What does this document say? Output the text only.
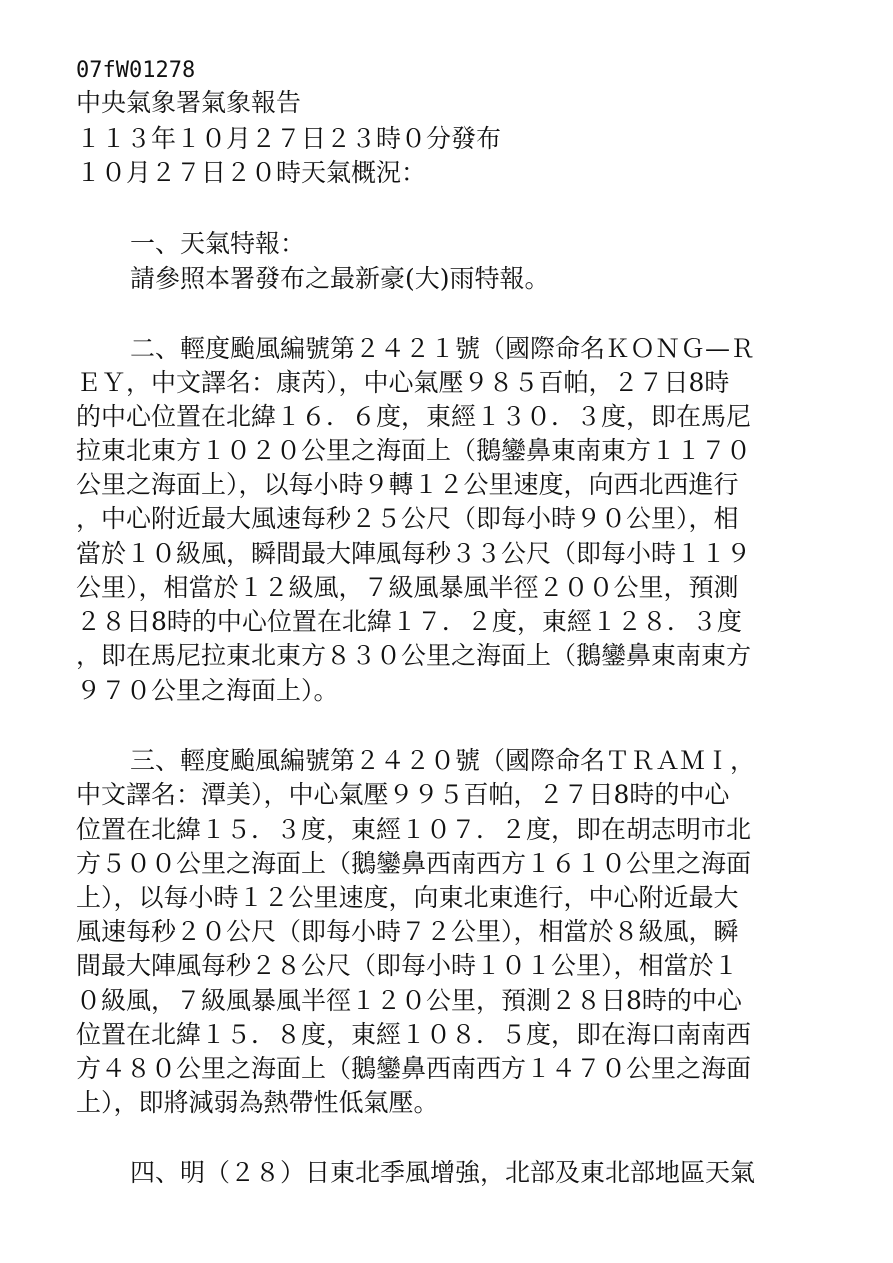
07fW01278
中央氣象署氣象報告
１１３年１０月２７日２３時０分發布
１０月２７日２０時天氣概況：
一、天氣特報：
請參照本署發布之最新豪(大)雨特報。
二、輕度颱風編號第２４２１號（國際命名ＫＯＮＧ—Ｒ
ＥＹ，中文譯名：康芮），中心氣壓９８５百帕，２７日8時
的中心位置在北緯１６．６度，東經１３０．３度，即在馬尼
拉東北東方１０２０公里之海面上（鵝鑾鼻東南東方１１７０
公里之海面上），以每小時９轉１２公里速度，向西北西進行
，中心附近最大風速每秒２５公尺（即每小時９０公里），相
當於１０級風，瞬間最大陣風每秒３３公尺（即每小時１１９
公里），相當於１２級風，７級風暴風半徑２００公里，預測
２８日8時的中心位置在北緯１７．２度，東經１２８．３度
，即在馬尼拉東北東方８３０公里之海面上（鵝鑾鼻東南東方
９７０公里之海面上）。
三、輕度颱風編號第２４２０號（國際命名ＴＲＡＭＩ，
中文譯名：潭美），中心氣壓９９５百帕，２７日8時的中心
位置在北緯１５．３度，東經１０７．２度，即在胡志明市北
方５００公里之海面上（鵝鑾鼻西南西方１６１０公里之海面
上），以每小時１２公里速度，向東北東進行，中心附近最大
風速每秒２０公尺（即每小時７２公里），相當於８級風，瞬
間最大陣風每秒２８公尺（即每小時１０１公里），相當於１
０級風，７級風暴風半徑１２０公里，預測２８日8時的中心
位置在北緯１５．８度，東經１０８．５度，即在海口南南西
方４８０公里之海面上（鵝鑾鼻西南西方１４７０公里之海面
上），即將減弱為熱帶性低氣壓。
四、明（２８）日東北季風增強，北部及東北部地區天氣
